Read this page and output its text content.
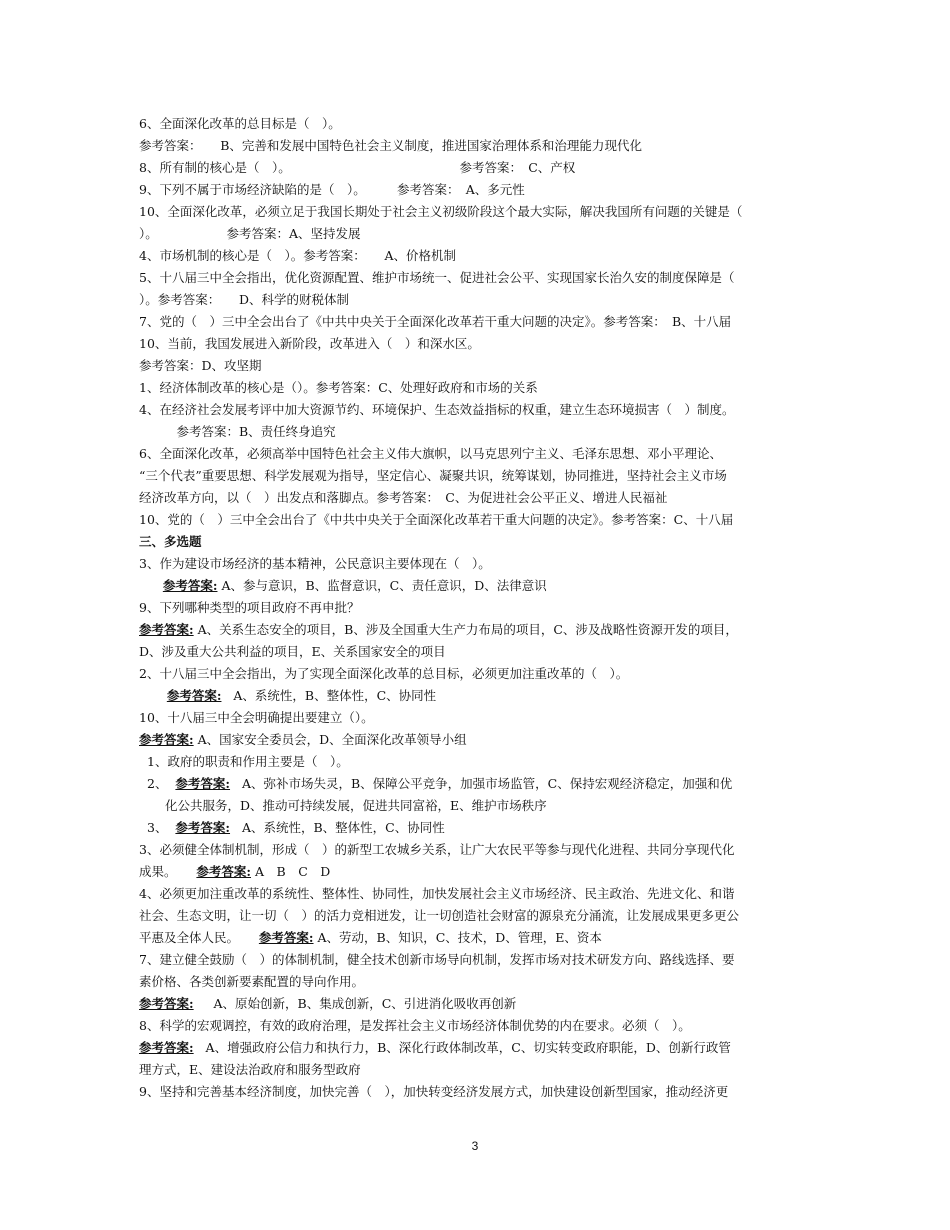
6、全面深化改革的总目标是（　）。
参考答案：　　B、完善和发展中国特色社会主义制度，推进国家治理体系和治理能力现代化
8、所有制的核心是（　）。　　　　　　　　　　　　　　参考答案：　C、产权
9、下列不属于市场经济缺陷的是（　）。　　　参考答案：　A、多元性
10、全面深化改革，必须立足于我国长期处于社会主义初级阶段这个最大实际，解决我国所有问题的关键是（
）。　　　　　　参考答案：A、坚持发展
4、市场机制的核心是（　）。参考答案：　　A、价格机制
5、十八届三中全会指出，优化资源配置、维护市场统一、促进社会公平、实现国家长治久安的制度保障是（
）。参考答案：　　D、科学的财税体制
7、党的（　）三中全会出台了《中共中央关于全面深化改革若干重大问题的决定》。参考答案：　B、十八届
10、当前，我国发展进入新阶段，改革进入（　）和深水区。
参考答案：D、攻坚期
1、经济体制改革的核心是（）。参考答案：C、处理好政府和市场的关系
4、在经济社会发展考评中加大资源节约、环境保护、生态效益指标的权重，建立生态环境损害（　）制度。
　　　参考答案：B、责任终身追究
6、全面深化改革，必须高举中国特色社会主义伟大旗帜，以马克思列宁主义、毛泽东思想、邓小平理论、
“三个代表”重要思想、科学发展观为指导，坚定信心、凝聚共识，统筹谋划，协同推进，坚持社会主义市场
经济改革方向，以（　）出发点和落脚点。参考答案：　C、为促进社会公平正义、增进人民福祉
10、党的（　）三中全会出台了《中共中央关于全面深化改革若干重大问题的决定》。参考答案：C、十八届
三、多选题
3、作为建设市场经济的基本精神，公民意识主要体现在（　）。
参考答案: A、参与意识，B、监督意识，C、责任意识，D、法律意识
9、下列哪种类型的项目政府不再申批？
参考答案: A、关系生态安全的项目，B、涉及全国重大生产力布局的项目，C、涉及战略性资源开发的项目，
D、涉及重大公共利益的项目，E、关系国家安全的项目
2、十八届三中全会指出，为了实现全面深化改革的总目标，必须更加注重改革的（　）。
参考答案: A、系统性，B、整体性，C、协同性
10、十八届三中全会明确提出要建立（）。
参考答案: A、国家安全委员会，D、全面深化改革领导小组
1、政府的职责和作用主要是（　）。
2、 参考答案: A、弥补市场失灵，B、保障公平竞争，加强市场监管，C、保持宏观经济稳定，加强和优
化公共服务，D、推动可持续发展，促进共同富裕，E、维护市场秩序
3、 参考答案: A、系统性，B、整体性，C、协同性
3、必须健全体制机制，形成（　）的新型工农城乡关系，让广大农民平等参与现代化进程、共同分享现代化
成果。 参考答案: A　B　C　D
4、必须更加注重改革的系统性、整体性、协同性，加快发展社会主义市场经济、民主政治、先进文化、和谐
社会、生态文明，让一切（　）的活力竞相迸发，让一切创造社会财富的源泉充分涌流，让发展成果更多更公
平惠及全体人民。 参考答案: A、劳动，B、知识，C、技术，D、管理，E、资本
7、建立健全鼓励（　）的体制机制，健全技术创新市场导向机制，发挥市场对技术研发方向、路线选择、要
素价格、各类创新要素配置的导向作用。
参考答案: A、原始创新，B、集成创新，C、引进消化吸收再创新
8、科学的宏观调控，有效的政府治理，是发挥社会主义市场经济体制优势的内在要求。必须（　）。
参考答案: A、增强政府公信力和执行力，B、深化行政体制改革，C、切实转变政府职能，D、创新行政管
理方式，E、建设法治政府和服务型政府
9、坚持和完善基本经济制度，加快完善（　），加快转变经济发展方式，加快建设创新型国家，推动经济更
3
